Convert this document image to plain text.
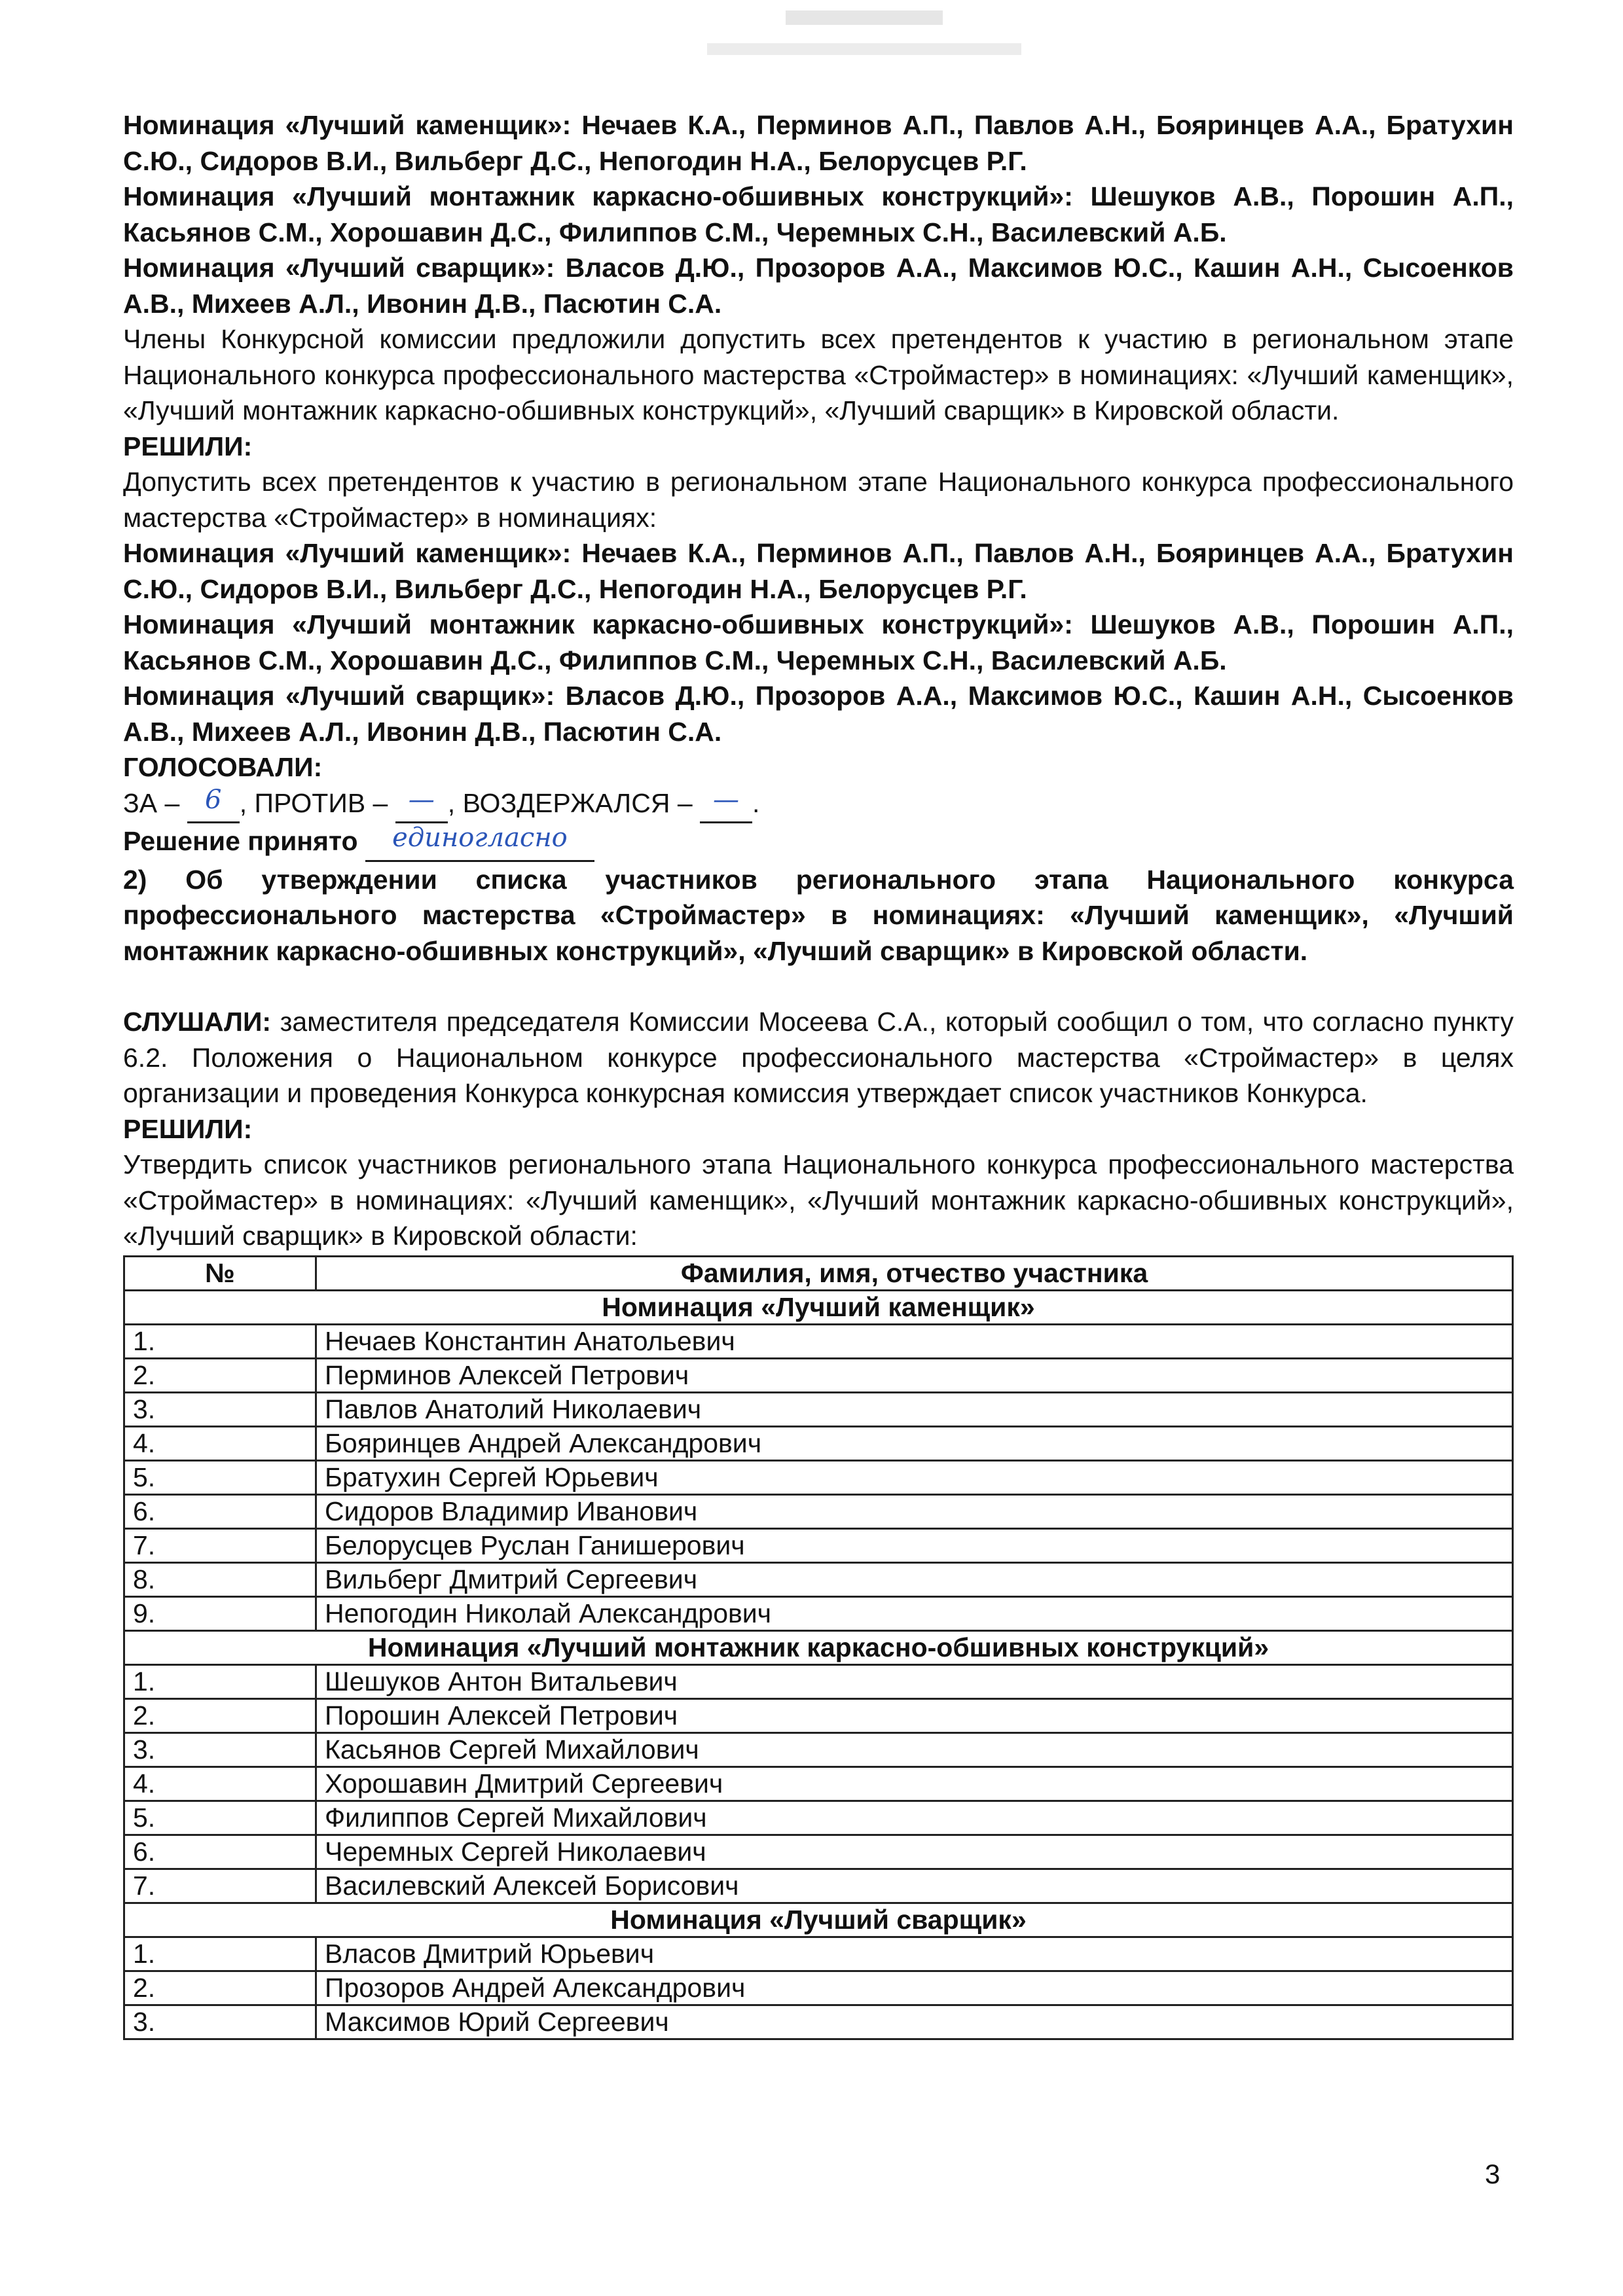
Номинация «Лучший каменщик»: Нечаев К.А., Перминов А.П., Павлов А.Н., Бояринцев А.А., Братухин С.Ю., Сидоров В.И., Вильберг Д.С., Непогодин Н.А., Белорусцев Р.Г.

Номинация «Лучший монтажник каркасно-обшивных конструкций»: Шешуков А.В., Порошин А.П., Касьянов С.М., Хорошавин Д.С., Филиппов С.М., Черемных С.Н., Василевский А.Б.

Номинация «Лучший сварщик»: Власов Д.Ю., Прозоров А.А., Максимов Ю.С., Кашин А.Н., Сысоенков А.В., Михеев А.Л., Ивонин Д.В., Пасютин С.А.

Члены Конкурсной комиссии предложили допустить всех претендентов к участию в региональном этапе Национального конкурса профессионального мастерства «Строймастер» в номинациях: «Лучший каменщик», «Лучший монтажник каркасно-обшивных конструкций», «Лучший сварщик» в Кировской области.

РЕШИЛИ:

Допустить всех претендентов к участию в региональном этапе Национального конкурса профессионального мастерства «Строймастер» в номинациях:

Номинация «Лучший каменщик»: Нечаев К.А., Перминов А.П., Павлов А.Н., Бояринцев А.А., Братухин С.Ю., Сидоров В.И., Вильберг Д.С., Непогодин Н.А., Белорусцев Р.Г.

Номинация «Лучший монтажник каркасно-обшивных конструкций»: Шешуков А.В., Порошин А.П., Касьянов С.М., Хорошавин Д.С., Филиппов С.М., Черемных С.Н., Василевский А.Б.

Номинация «Лучший сварщик»: Власов Д.Ю., Прозоров А.А., Максимов Ю.С., Кашин А.Н., Сысоенков А.В., Михеев А.Л., Ивонин Д.В., Пасютин С.А.

ГОЛОСОВАЛИ:

ЗА – 6 , ПРОТИВ – — , ВОЗДЕРЖАЛСЯ – — .

Решение принято единогласно

2) Об утверждении списка участников регионального этапа Национального конкурса профессионального мастерства «Строймастер» в номинациях: «Лучший каменщик», «Лучший монтажник каркасно-обшивных конструкций», «Лучший сварщик» в Кировской области.

СЛУШАЛИ: заместителя председателя Комиссии Мосеева С.А., который сообщил о том, что согласно пункту 6.2. Положения о Национальном конкурсе профессионального мастерства «Строймастер» в целях организации и проведения Конкурса конкурсная комиссия утверждает список участников Конкурса.

РЕШИЛИ:

Утвердить список участников регионального этапа Национального конкурса профессионального мастерства «Строймастер» в номинациях: «Лучший каменщик», «Лучший монтажник каркасно-обшивных конструкций», «Лучший сварщик» в Кировской области:

№	Фамилия, имя, отчество участника
Номинация «Лучший каменщик»	
1.	Нечаев Константин Анатольевич
2.	Перминов Алексей Петрович
3.	Павлов Анатолий Николаевич
4.	Бояринцев Андрей Александрович
5.	Братухин Сергей Юрьевич
6.	Сидоров Владимир Иванович
7.	Белорусцев Руслан Ганишерович
8.	Вильберг Дмитрий Сергеевич
9.	Непогодин Николай Александрович
Номинация «Лучший монтажник каркасно-обшивных конструкций»	
1.	Шешуков Антон Витальевич
2.	Порошин Алексей Петрович
3.	Касьянов Сергей Михайлович
4.	Хорошавин Дмитрий Сергеевич
5.	Филиппов Сергей Михайлович
6.	Черемных Сергей Николаевич
7.	Василевский Алексей Борисович
Номинация «Лучший сварщик»	
1.	Власов Дмитрий Юрьевич
2.	Прозоров Андрей Александрович
3.	Максимов Юрий Сергеевич
3
